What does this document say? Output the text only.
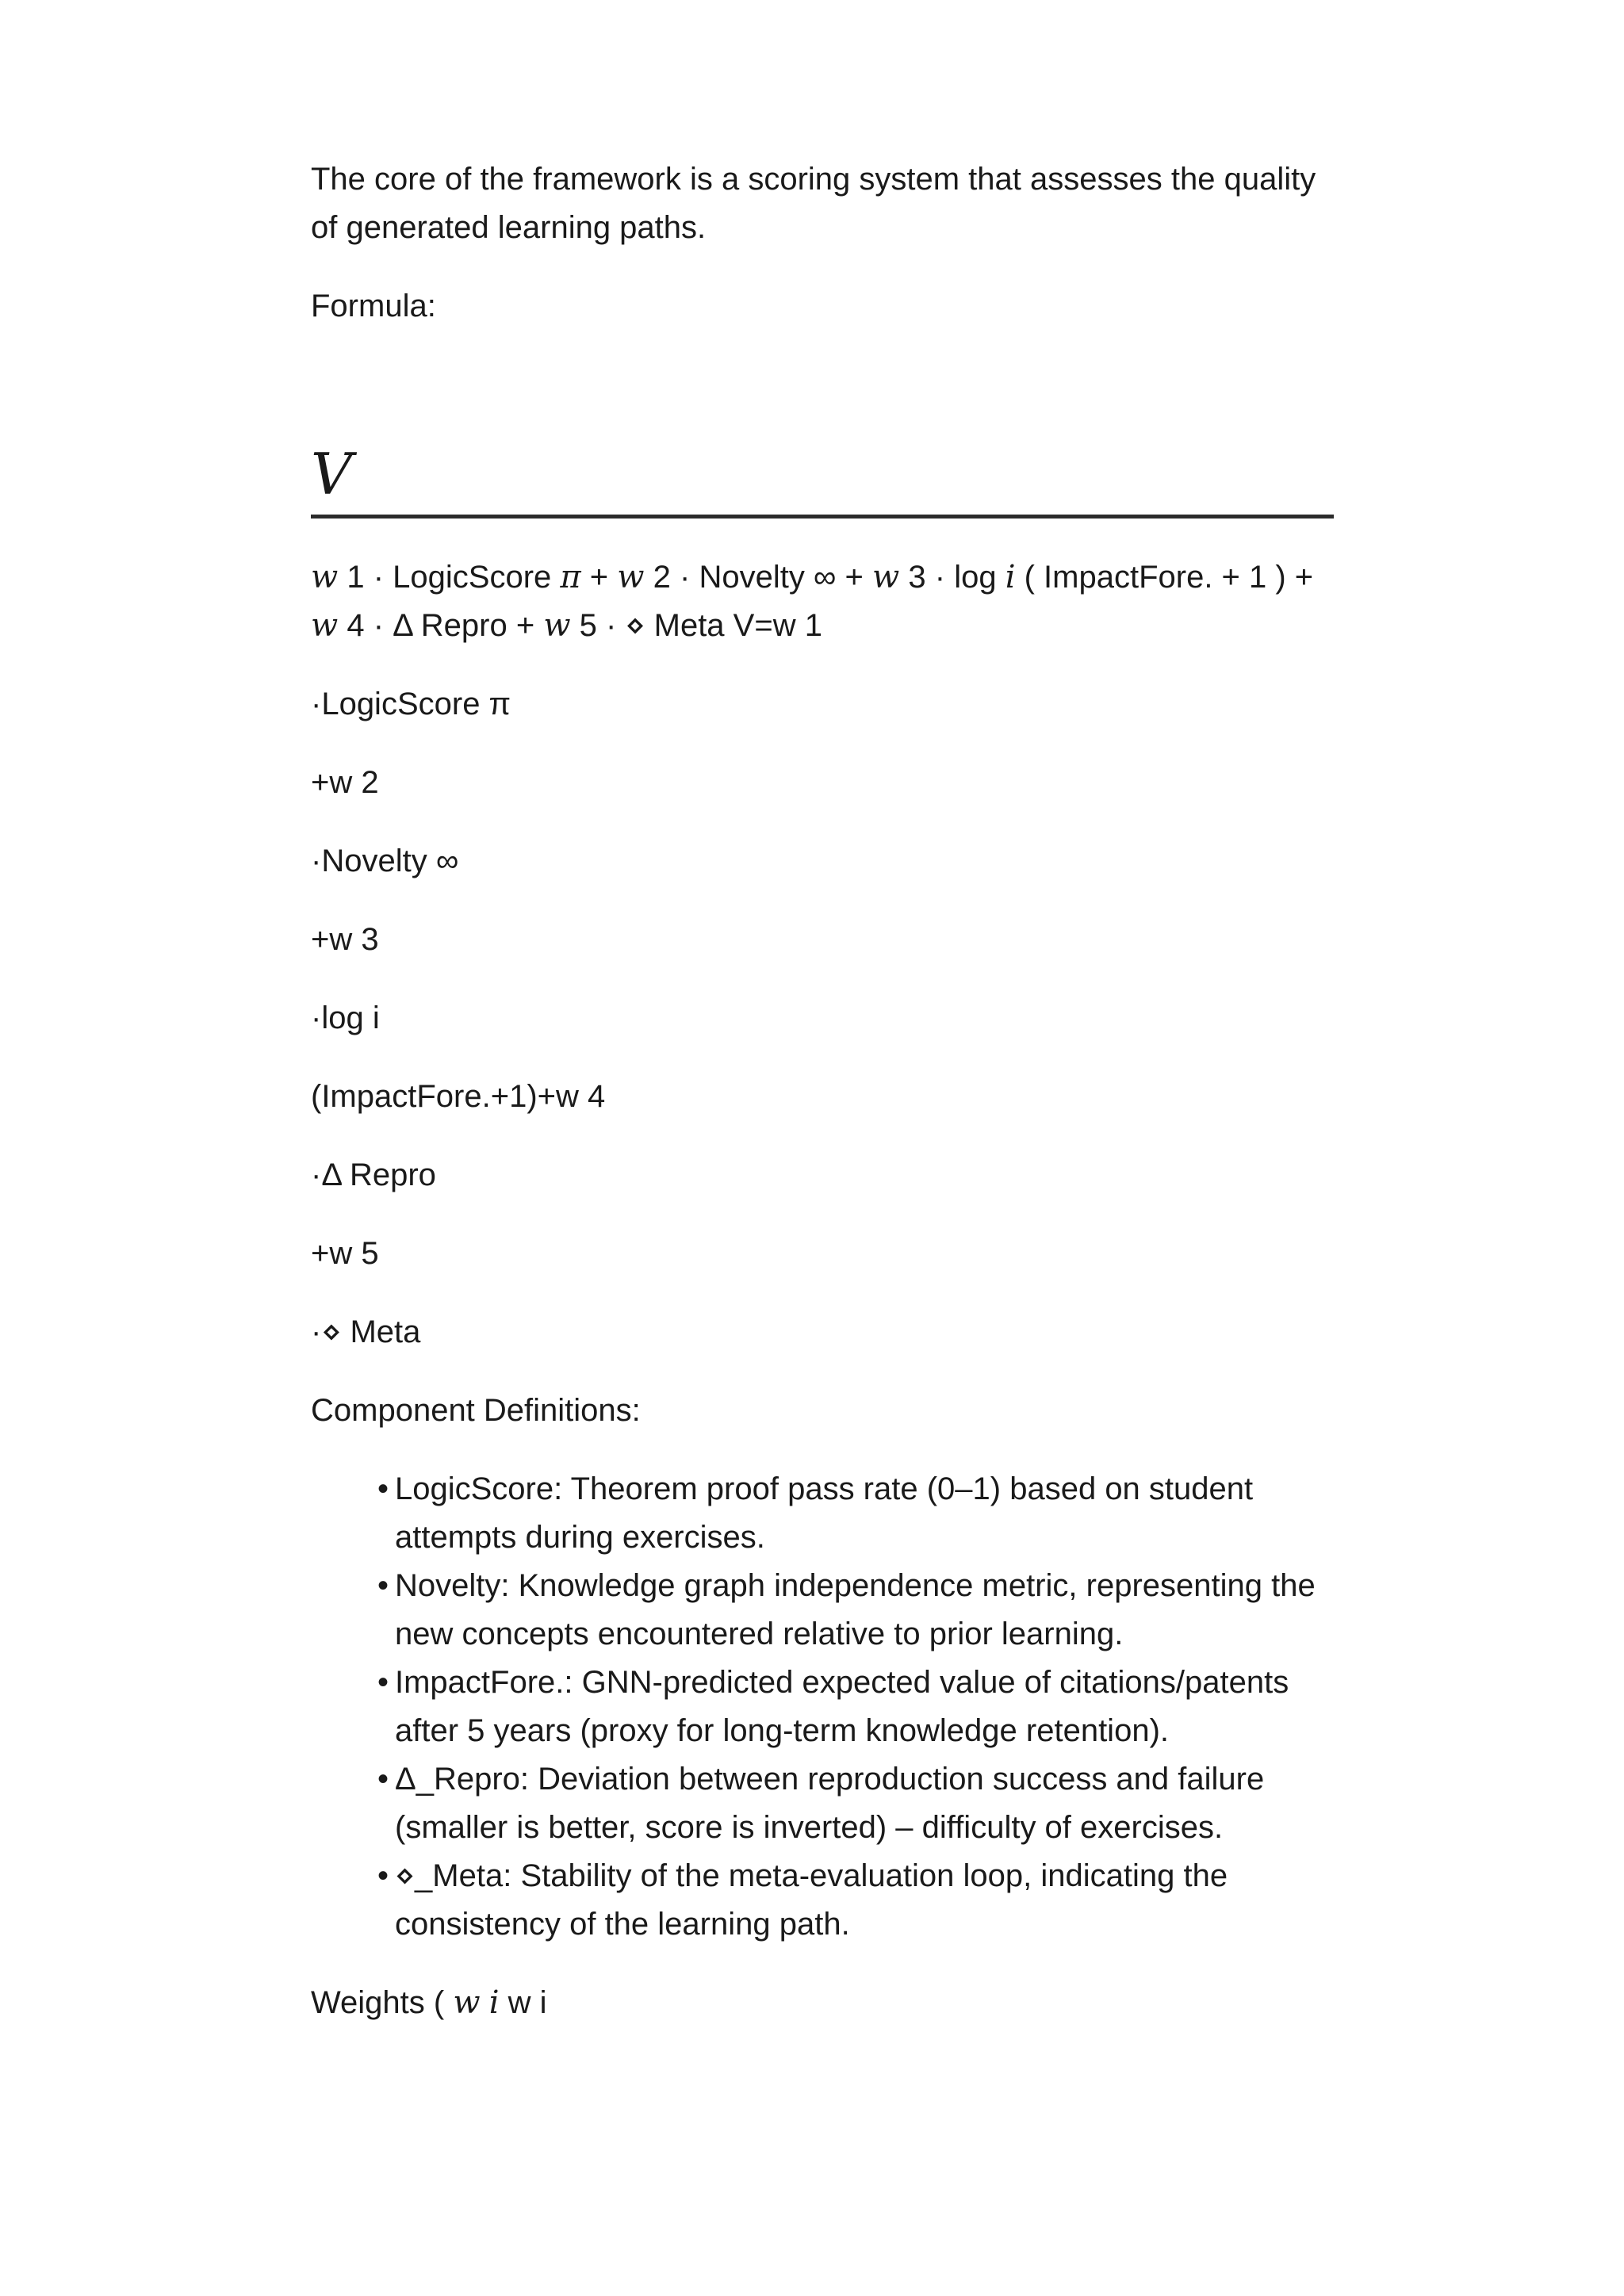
The core of the framework is a scoring system that assesses the quality of generated learning paths.

Formula:

V

w 1 · LogicScore π + w 2 · Novelty ∞ + w 3 · log i ( ImpactFore. + 1 ) + w 4 · Δ Repro + w 5 · ⋄ Meta V=w 1

·LogicScore π

+w 2

·Novelty ∞

+w 3

·log i

(ImpactFore.+1)+w 4

·Δ Repro

+w 5

·⋄ Meta

Component Definitions:

• LogicScore: Theorem proof pass rate (0–1) based on student attempts during exercises.
• Novelty: Knowledge graph independence metric, representing the new concepts encountered relative to prior learning.
• ImpactFore.: GNN-predicted expected value of citations/patents after 5 years (proxy for long-term knowledge retention).
• Δ_Repro: Deviation between reproduction success and failure (smaller is better, score is inverted) – difficulty of exercises.
• ⋄_Meta: Stability of the meta-evaluation loop, indicating the consistency of the learning path.

Weights ( w i w i
